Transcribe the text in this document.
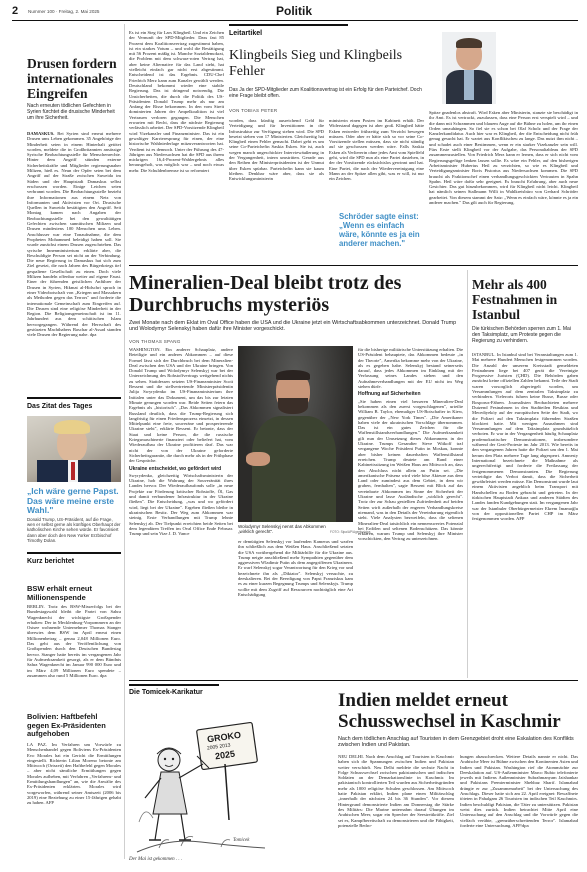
2 Nummer 100 · Freitag, 2. Mai 2025	Politik
Drusen fordern internationales Eingreifen
Nach erneuten tödlichen Gefechten in Syrien fürchtet die drusische Minderheit um ihre Sicherheit.
DAMASKUS. Bei Syrien sind erneut mehrere Drusen ums Leben gekommen. 35 Angehörige der Minderheit seien in einem Hinterhalt getötet worden, meldete die in Großbritannien ansässige Syrische Beobachtungsstelle für Menschenrechte. Hinter dem Angriff stünden externe Sicherheitskräfte und Mitglieder regierungsnaher Milizen, hieß es. Neun der Opfer seien bei dem Angriff auf der Straße zwischen Suweida im Süden und der Hauptstadt Damaskus selbst erschossen worden. Einige Leichen seien verbrannt worden. Die Beobachtungsstelle bezieht ihre Informationen aus einem Netz von Informanten und Aktivisten vor Ort. Drusische Quellen in Suweida bestätigten den Angriff. Seit Montag kamen nach Angaben der Beobachtungsstelle bei den gewalttätigen Gefechten zwischen sunnitischen Milizen und Drusen mindestens 100 Menschen ums Leben. Anschlusser war eine Tonaufnahme, die dem Propheten Mohammed beleidigt haben soll. Sie wurde zunächst einem Drusen zugeschrieben. Das syrische Innenministerium erklärte aber, die Beschuldigte Person sei nicht an der Verbindung. Die neue Regierung in Damaskus hat sich zum Ziel gesetzt, die nach Jahren des Bürgerkriegs tief gespaltene Gesellschaft zu einen. Doch viele Milizen handeln offenbar weiter auf eigene Faust. Einer der führenden geistlichen Anführer der Drusen in Syrien, Hikmat al-Hidschri sprach in einer Videobotschaft von „Kriegen und Massakern als Methoden gegen das Terrors" und forderte die internationale Gemeinschaft zum Eingreifen auf. Die Drusen sind eine religiöse Minderheit in der Region. Die Religionsgemeinschaft ist im 11. Jahrhundert aus dem schiitischen Islam hervorgegangen. Während der Herrschaft des gestürzten Machthabers Baschar al-Assad standen viele Drusen der Regierung nahe. dpa
Das Zitat des Tages
„Ich wäre gerne Papst. Das wäre meine erste Wahl."
Donald Trump, US-Präsident, auf die Frage, wen er selbst gerne als künftiges Oberhaupt der katholischen Kirche sehen würde. Er favorisiert dann aber doch den New Yorker Erzbischof Timothy Dolan.
Kurz berichtet
BSW erhält erneut Millionenspende
BERLIN. Trotz des BSW-Misserfolgs bei der Bundestagswahl bleibt die Partei von Sahra Wagenknecht der wichtigste Großspender erhalten: Der in Mecklenburg-Vorpommern an der Ostsee wohnende Unternehmer Thomas Stanger überwies dem BSW im April erneut einen Millionenbetrag – genau 2,048 Millionen Euro. Das geht aus der Veröffentlichung von Großspenden durch den Deutschen Bundestag hervor. Stanger hatte bereits im vergangenen Jahr für Aufmerksamkeit gesorgt, als er dem Bündnis Sahra Wagenknecht im Januar 990 000 Euro und im März 4,09 Millionen Euro spendete – zusammen also rund 5 Millionen Euro. dpa
Bolivien: Haftbefehl gegen Ex-Präsidenten aufgehoben
LA PAZ. Im Verfahren um Vorwürfe zu Menschenhandel gegen Boliviens Ex-Präsidenten Evo Morales hat ein Gericht die Ermittlungen eingestellt. Richterin Lilian Moreno betonte am Mittwoch (Ortszeit) den Haftbefehl gegen Morales – aber nicht sämtliche Ermittlungen gegen Morales aufheben, mit Verfahren „Verfahrens- und Ermittlungshandlungen" an, wie die Anwälte des Ex-Präsidenten erklärten. Morales wird vorgeworfen, während seiner Amtszeit (2006 bis 2019) eine Beziehung zu einer 15-Jährigen gehabt zu haben. AFP
Es ist ein Sieg für Lars Klingbeil. Und ein Zeichen der Vernunft der SPD-Mitglieder. Dass fast 85 Prozent dem Koalitionsvertrag zugestimmt haben, ist ein starkes Votum – und wohl die Bestätigung mit 56 Prozent mäßig ist. Manche Sozialdemokrat, die Problem mit dem schwarz-roten Vertrag hat, aber keine Alternative für das Land sieht, hat vielleicht einfach gar nicht erst abgestimmt. Entscheidend ist das Ergebnis. CDU-Chef Friedrich Merz kann zum Kanzler gewählt werden. Deutschland bekommt wieder eine stabile Regierung. Das ist dringend notwendig. Die Unsicherheiten, die durch die Politik des US-Präsidenten Donald Trump mehr als nur am Anfang der Risse bekommen. In den vom Streit dominierten Jahren der Ampelkoalition ist viel Vertrauen verloren gegangen. Die Menschen erwarten mit Recht, dass die nächste Regierung verlässlich arbeitet. Der SPD-Vorsitzende Klingbeil wird Vizekanzler und Finanzminister. Das ist ein gewaltiger Karrieresprung für einen, der eine historische Wahlniederlage mitzuverantworten hat. Verdient ist es dennoch. Unter der Führung des 47-Jährigen aus Niedersachsen hat die SPD aus ihrem mickrigen 16,4-Prozent-Wahlergebnis alles herausgeholt, was möglich war – und noch etwas mehr. Die Schuldenbremse ist so reformiert
Leitartikel
Klingbeils Sieg und Klingbeils Fehler
Das Ja der SPD-Mitglieder zum Koalitionsvertrag ist ein Erfolg für den Parteichef. Doch eine Frage bleibt offen.
VON TOBIAS PETER
worden, dass künftig ausreichend Geld für Verteidigung und für Investitionen in die Infrastruktur zur Verfügung stehen wird. Die SPD besetzt sieben von 17 Ministerien. Gleichzeitig hat Klingbeil einen Fehler gemacht. Dabei geht es um seine Co-Parteichefin Saskia Esken. Sie ist, auch wegen manch ungeschickter Interviewäußerung in der Vergangenheit, intern umstritten. Gerade aus den Reihen der Ministerpräsidenten ist der Unmut über Esken spürbar. Parteichefin kann sie kaum bleiben. Denkbar wäre aber, dass sie als Entwicklungsministerin
ministerin einen Posten im Kabinett erhält. Der Widerstand dagegen ist aber groß. Klingbeil hätte Esken entweder frühzeitig zum Verzicht bewegen müssen. Oder aber er hätte sich so vor seine Co-Vorsitzende stellen müssen, dass sie nicht ständig auf sie geschossen werden wäre. Falls Saskia Esken als Verliererin ohne jedes Amt vom Spielfeld geht, wird die SPD nun als eine Partei dastehen, in der der Vorsitzende rücksichtslos gewinnt und hat. Eine Partei, die nach der Wiedervereinigung eine Mann an der Spitze allen gibt, was er will, ist nur ein Zeichen.
Schröder sagte einst: „Wenn es einfach wäre, könnte es ja ein anderer machen."
Spitze gnadenlos abstraft. Wird Esken aber Ministerin, stanzte sie beschädigt in ihr Amt. Es ist vertrackt, zuzulassen, dass eine Person erst verspielt wird – und die dann mit Schrammen und blauem Auge auf die Bühne zu holen, um ihr einen Orden umzuhängen. So fiel sie es schon bei Olaf Scholz und der Frage der Kanzlerkandidatur. Auch hier war es Klingbeil, der die Entscheidung nicht früh genug gesucht hat. Er wartet aus Konfliktscheu zu lange. Das nutzt ihm nicht – und schadet auch einer Bestimmen, wenn er ein starker Vizekanzler sein will. Fürs Erste stellt Klingbeil vor der Aufgabe, das Personaltableau der SPD zusammenzustellen. Von Friedrich Merz kann er lernen, dass er sich nicht vom Regierungsgefüge lenken lassen sollte. Es wäre ein Fehler, auf den bisherigen Arbeitsminister Hubertus Heil zu verzichten, so wie es Klingbeil und Verteidigungsminister Boris Pistorius aus Niedersachsen kommen. Die SPD braucht als Fraktionschef einen verhandlungsgeschickten Vertrauten in Spahn Spahn. Heil wäre dafür sehr geeignet. Es braucht Erfahrung, aber auch neue Gesichter. Das gut hinzubekommen, wird für Klingbeil nicht leicht. Klingbeil hat nämlich seinen Stallmann Willi in Wahlkreisbüro von Gerhard Schröder gearbeitet. Von diesem stammt der Satz: „Wenn es einfach wäre, könnte es ja ein anderer machen." Das gilt auch für Regierung.
Mineralien-Deal bleibt trotz des Durchbruchs mysteriös
Zwei Monate nach dem Eklat im Oval Office haben die USA und die Ukraine jetzt ein Wirtschaftsabkommen unterzeichnet. Donald Trump und Wolodymyr Selenskyj haben dafür ihre Minister vorgeschickt.
VON THOMAS SPANG
WASHINGTON. Ein anderer Schauplatz, andere Beteiligte und ein anderes Abkommen – auf diese Formel lässt sich der Durchbruch bei dem Mineralien-Deal zwischen den USA und der Ukraine bringen. Von Donald Trump und Wolodymyr Selenskyj war bei der Unterzeichnung des Rohstoffvertrags weitgehend nichts zu sehen. Stattdessen setzten US-Finanzminister Scott Bessent und die stellvertretende Ministerpräsidentin Julija Swyrydenko im US-Finanzministerium ihre Initialen unter das Dokument, um das bis zur letzten Minute gerungen worden war. Beide Seiten feiern das Ergebnis als „historisch". „Das Abkommen signalisiert Russland deutlich, dass die Trump-Regierung sich langfristig für einen Friedensprozess einsetzt, in dessen Mittelpunkt eine freie, souveräne und prosperierende Ukraine steht", erklärte Bessent. Er betonte, dass der Staat und keine Person, die die russische Kriegsmaschinerie finanziert oder beliefert hat, vom Wiederaufbau der Ukraine profitieren darf. Das war nicht der von der Ukraine geforderte Sicherheitsgarantie, die durch mehr als in der Frühphase der Gespräche.
Ukraine entscheidet, wo gefördert wird
Swyrydenko, gleichzeitig Wirtschaftsministerin der Ukraine, hob die Wahrung der Souveränität ihres Landes hervor. Der Wiederaufbaufonds solle „in neue Projekte zur Förderung kritischer Rohstoffe, Öl, Gas und damit verbundener Infrastruktur in der Ukraine fließen". Die Entscheidung, „was und wo gefördert wird, liegt bei der Ukraine". Ergeben fließen bleibe in ukrainischen Besitz. Der Weg zum Abkommen war steinig. Erste Verhandlungen mit Trump lehnte Selenskyj ab. Der Tiefpunkt erreichten beide Seiten bei dem legendären Treffen im Oval Office Ende Februar. Trump und sein Vize J. D. Vance
Wolodymyr Selenskyj nennt das Abkommen „wirklich gerecht".	FOTO: Sipa/AP/Agentur/dpa
er demütigten Selenskyj vor laufenden Kameras und warfen ihn schließlich aus dem Weißen Haus. Anschließend setzten die USA vorübergehend die Militärhilfe für die Ukraine aus. Trump neigte anschließend mehr Sympathien gegenüber dem aggressiven Wladimir Putin als dem angegriffenen Ukrainern. Er warf Selenskyj sogar Verantwortung für den Krieg vor und bezeichnete ihn als „Diktator". Selenskyj versuchte, zu deeskalieren. Bei der Beerdigung von Papst Franziskus kam es zu einer kurzen Begegnung Trumps und Selenskyjs. Trump wollte mit dem Zugriff auf Ressourcen nachträglich eine Art Entschädigung
für die bisherige militärische Unterstützung erhalten. Die US-Präsident behauptete, das Abkommen bedeute „in der Theorie", Amerika bekomme mehr von der Ukraine, als es gegeben habe. Selenskyj bestand seinerseits darauf, dass jedes Abkommen im Einklang mit der Verfassung seines Landes stehen und den Aufnahmeverhandlungen mit der EU nicht im Weg stehen dürfe.
Hoffnung auf Sicherheiten
„Sie haben einen viel besseren Mineralien-Deal bekommen als den zuerst vorgeschlagenen", urteilte William B. Taylor, ehemaliger US-Botschafter in Kiew, gegenüber der „New York Times". „Die Amerikaner haben viele der ukrainischen Vorschläge übernommen. Das ist ein gutes Zeichen für die Waffenstillstandsverhandlungen." Die Aufmerksamkeit gilt nun der Umsetzung dieses Abkommens in der Ukraine. Trumps Gesandter Steve Witkoff traf vergangene Woche Präsident Putin in Moskau, konnte aber bisher keinen dauerhaften Waffenstillstand erreichen. Trump deutete am Rand einer Kabinettssitzung im Weißen Haus am Mittwoch an, dass den Abschluss nicht allein an Putin sei. „Die amerikanische Präsenz wird viele böse Akteure aus dem Land oder zumindest aus dem Gebiet, in dem wir graben, fernhalten", sagte Bessent mit Blick auf das vereinbarte Abkommen im Sinne der Sicherheit der Ukraine und lasse Ausländische „wirklich gerecht". Trotz der zur Schau gestellten Zufriedenheit auf beiden Seiten wirft außerhalb der engeren Verhandlungskreise niemand, was in den Details der Vereinbarung eigentlich steht. Viele Analysten bezweifeln, dass die seltenen Mineralien-Deal tatsächlich ein nennenswertes Potenzial bei Erdölen und seltenen Bodenschätzen. Das könnte erklären, warum Trump und Selenskyj ihre Minister vorschickten, den Vertrag zu unterzeichnen.
Mehr als 400 Festnahmen in Istanbul
Die türkischen Behörden sperren zum 1. Mai den Taksimplatz, um Proteste gegen die Regierung zu verhindern.
ISTANBUL. In Istanbul sind bei Veranstaltungen zum 1. Mai mehrere Hundert Menschen festgenommen worden. Die Anzahl der unserem Kreisstadt gemeldeten Festnahmen liege bei 407 gerät die Vereinigte Progressive Juristen (ÇHD). Die Behörden gaben zunächst keine offiziellen Zahlen bekannt. Teile der Stadt waren vorsorglich abgeriegelt worden, um Versammlungen auf dem zentralen Taksimplatz zu verhindern. Vielerorts fuhren keine Busse, Busse oder Bosporus-Fähren. Journalisten Beobachteten mehrere Dutzend Festnahmen in den Stadtteilen Besiktas und Mecediyeköy auf der europäischen Seite der Stadt, wo die Polizei auf den Taksimplatz führenden Straßen blockiert hatte. Mit wenigen Ausnahmen sind Versammlungen auf dem Taksimplatz grundsätzlich verboten. Er war in der Vergangenheit häufig Schauplatz prodemokratischer Demonstrationen, insbesondere während der Gezi-Proteste im Jahr 2013. Wie bereits in den vergangenen Jahren hatte die Polizei um den 1. Mai herum den Platz mehrere Tage lang abgesperrt. Amnesty International bezeichnete die Maßnahme als ungerechtfertigt und forderte die Freilassung der festgenommenen Demonstranten. Die Regierung verteidigte das Verbot damit, dass die Sicherheit gewährleistet werden müsse. Ein Demonstrant wurde laut einem Aktivisten angeblich beim Transport mit Handschellen zu Boden gebracht und getreten. In der türkischen Hauptstadt Ankara und anderen Städten des Landes fanden Kundgebungen statt. Im vergangenen Jahr war der Istanbuler Oberbürgermeister Ekrem İmamoğlu von der oppositionellen Partei CHP im März festgenommen worden. AFP
Die Tomicek-Karikatur
GROKO
2005 2013
2025
Tomicek
Der Mai ist gekommen . . .
Indien meldet erneut Schusswechsel in Kaschmir
Nach dem tödlichen Anschlag auf Touristen in dem Grenzgebiet droht eine Eskalation des Konflikts zwischen Indien und Pakistan.
NEU DELHI. Nach dem Anschlag auf Touristen in Kaschmir haben sich die Spannungen zwischen Indien und Pakistan weiter verschärft. Neu Delhi meldete die sechste Nacht in Folge Schusswechsel zwischen pakistanischen und indischen Soldaten an der Demarkationslinie in Kaschmir. Im pakistanisch kontrollierten Teil wurden aus Sicherheitsgründen mehr als 1000 religiöse Schulen geschlossen. Am Mittwoch hatte Pakistan erklärt, Indien plane einen Militärschlag „innerhalb der nächsten 24 bis 36 Stunden". Vor diesem Hintergrund demonstrierte Indien am Donnerstag die Stärke des Militärs: Die Marine unternahm darauf Übungen im Arabischen Meer, sogar ein Sprecher der Seestreitkräfte. Ziel sei es, Kampfbereitschaft zu demonstrieren und die Fähigkeit, potenzielle Bedro-
hungen abzuschrecken. Weitere Details nannte er nicht. Das Arabische Meer ist Bühne zwischen den Kontinenten Asien und Indien und Pakistan. Washington rief die Atommächte zur Deeskalation auf. US-Außenminister Marco Rubio telefonierte jeweils mit Indiens Außenminister Subrahmanyam Jaishankar und Pakistans Premierminister Shehbaz Sharif. Islamabad drängte er zur „Zusammenarbeit" bei der Untersuchung des Anschlags. Dieser hatte sich am 22. April ereignet: Bewaffnete töteten in Pahalgam 26 Touristen im indischen Teil Kaschmirs. Indien beschuldigt Pakistan, die Täter zu unterstützen. Pakistan weist dies zurück. Indien betrachtet Mitte April eine Untersuchung auf den Anschlag und die Vorwürfe gegen die vielfach verübte, „grenzüberschreitenden Terror". Islamabad forderte eine Untersuchung. AFP/dpa
